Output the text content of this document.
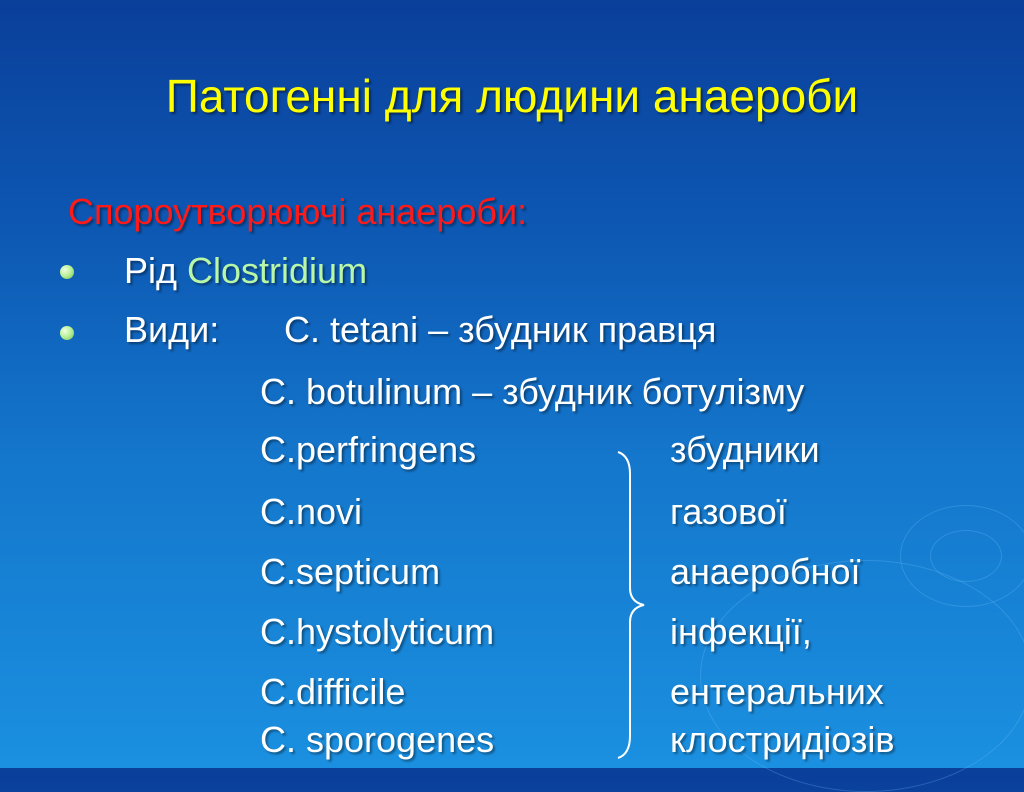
Патогенні для людини анаероби
Спороутворюючі анаероби:
Рід Clostridium
Види: C. tetani – збудник правця
C. botulinum – збудник ботулізму
C.perfringens
C.novi
C.septicum
C.hystolyticum
C.difficile
C. sporogenes
збудники
газової
анаеробної
інфекції,
ентеральних
клостридіозів
